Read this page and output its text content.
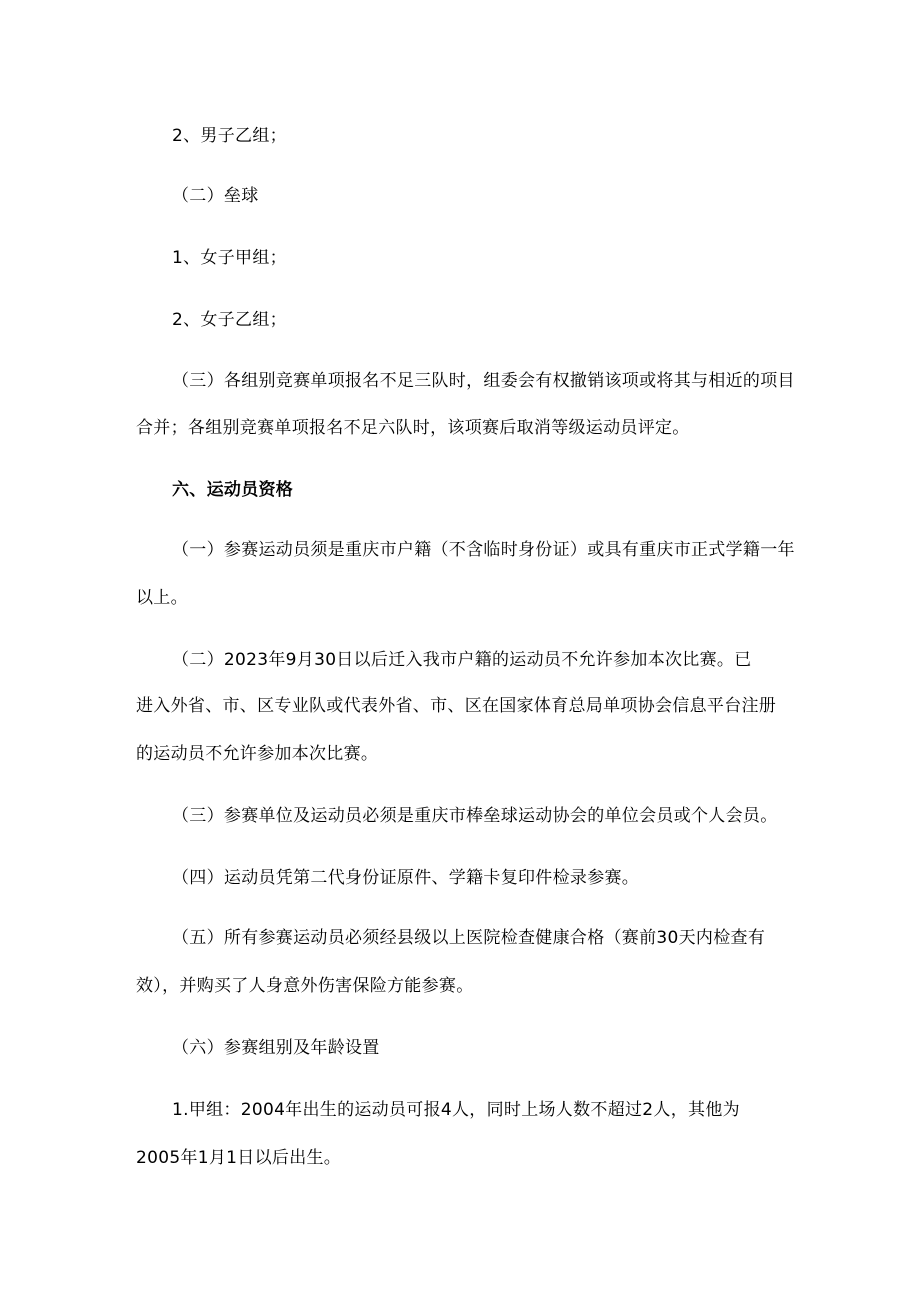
2、男子乙组；
（二）垒球
1、女子甲组；
2、女子乙组；
（三）各组别竞赛单项报名不足三队时，组委会有权撤销该项或将其与相近的项目
合并；各组别竞赛单项报名不足六队时，该项赛后取消等级运动员评定。
六、运动员资格
（一）参赛运动员须是重庆市户籍（不含临时身份证）或具有重庆市正式学籍一年
以上。
（二）2023年9月30日以后迁入我市户籍的运动员不允许参加本次比赛。已
进入外省、市、区专业队或代表外省、市、区在国家体育总局单项协会信息平台注册
的运动员不允许参加本次比赛。
（三）参赛单位及运动员必须是重庆市棒垒球运动协会的单位会员或个人会员。
（四）运动员凭第二代身份证原件、学籍卡复印件检录参赛。
（五）所有参赛运动员必须经县级以上医院检查健康合格（赛前30天内检查有
效），并购买了人身意外伤害保险方能参赛。
（六）参赛组别及年龄设置
1.甲组：2004年出生的运动员可报4人，同时上场人数不超过2人，其他为
2005年1月1日以后出生。
